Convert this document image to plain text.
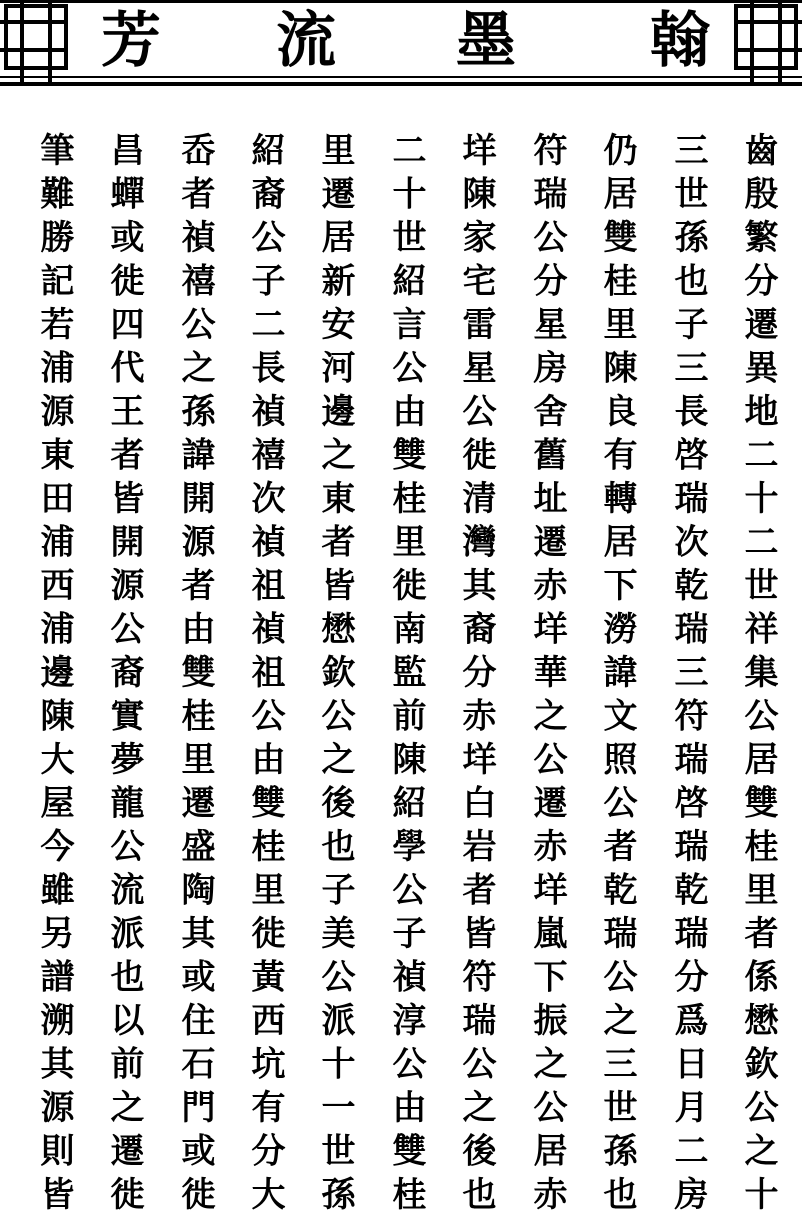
芳 流 墨 翰
齒殷繁分遷異地二十二世祥集公居雙桂里者係懋欽公之十
三世孫也子三長啓瑞次乾瑞三符瑞啓瑞乾瑞分爲日月二房
仍居雙桂里陳良有轉居下澇諱文照公者乾瑞公之三世孫也
符瑞公分星房舍舊址遷赤垟華之公遷赤垟嵐下振之公居赤
垟陳家宅雷星公徙清灣其裔分赤垟白岩者皆符瑞公之後也
二十世紹言公由雙桂里徙南監前陳紹學公子禎淳公由雙桂
里遷居新安河邊之東者皆懋欽公之後也子美公派十一世孫
紹裔公子二長禎禧次禎祖禎祖公由雙桂里徙黃西坑有分大
岙者禎禧公之孫諱開源者由雙桂里遷盛陶其或住石門或徙
昌蟬或徙四代王者皆開源公裔實夢龍公流派也以前之遷徙
筆難勝記若浦源東田浦西浦邊陳大屋今雖另譜溯其源則皆
